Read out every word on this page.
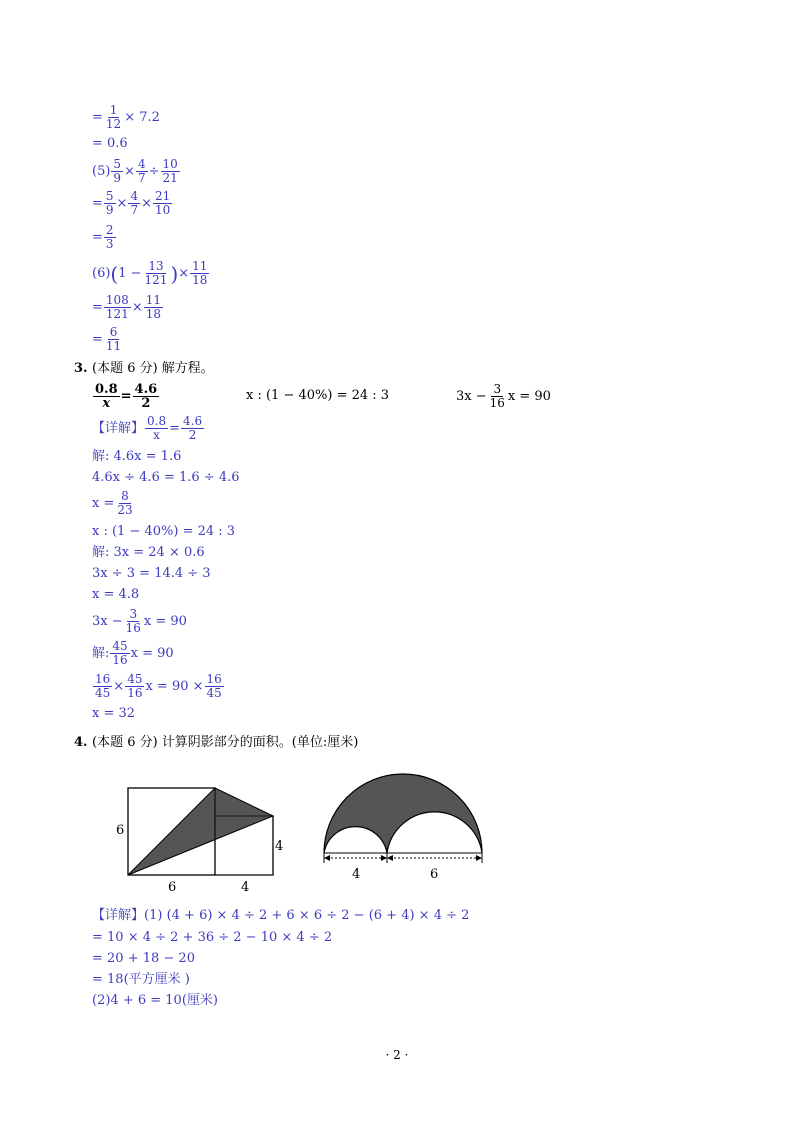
= $\frac{1}{12} \times 7.2$
= 0.6
$(5) \frac{5}{9} \times \frac{4}{7} \div \frac{10}{21}$
= $\frac{5}{9} \times \frac{4}{7} \times \frac{21}{10}$
= $\frac{2}{3}$
(6) ( $1 - \frac{13}{121}$ ) × $\frac{11}{18}$
= $\frac{108}{121} \times \frac{11}{18}$
= $\frac{6}{11}$
3. (本题 6 分) 解方程。
$\frac{0.8}{x} = \frac{4.6}{2}$	x : (1 − 40%) = 24 : 3	$3x - \frac{3}{16}$ x = 90
【详解】 $\frac{0.8}{x} = \frac{4.6}{2}$
解: 4.6x = 1.6
4.6x ÷ 4.6 = 1.6 ÷ 4.6
$x = \frac{8}{23}$
x : (1 − 40%) = 24 : 3
解: 3x = 24 × 0.6
3x ÷ 3 = 14.4 ÷ 3
x = 4.8
$3x - \frac{3}{16}$ x = 90
解: $\frac{45}{16}$ x = 90
$\frac{16}{45} \times \frac{45}{16}$ $x = 90 \times \frac{16}{45}$
x = 32
4. (本题 6 分) 计算阴影部分的面积。(单位:厘米)
6
6	4
4
4	6
【详解】 (1) (4 + 6) × 4 ÷ 2 + 6 × 6 ÷ 2 − (6 + 4) × 4 ÷ 2
= 10 × 4 ÷ 2 + 36 ÷ 2 − 10 × 4 ÷ 2
= 20 + 18 − 20
= 18(平方厘米 )
(2)4 + 6 = 10(厘米)
· 2 ·
